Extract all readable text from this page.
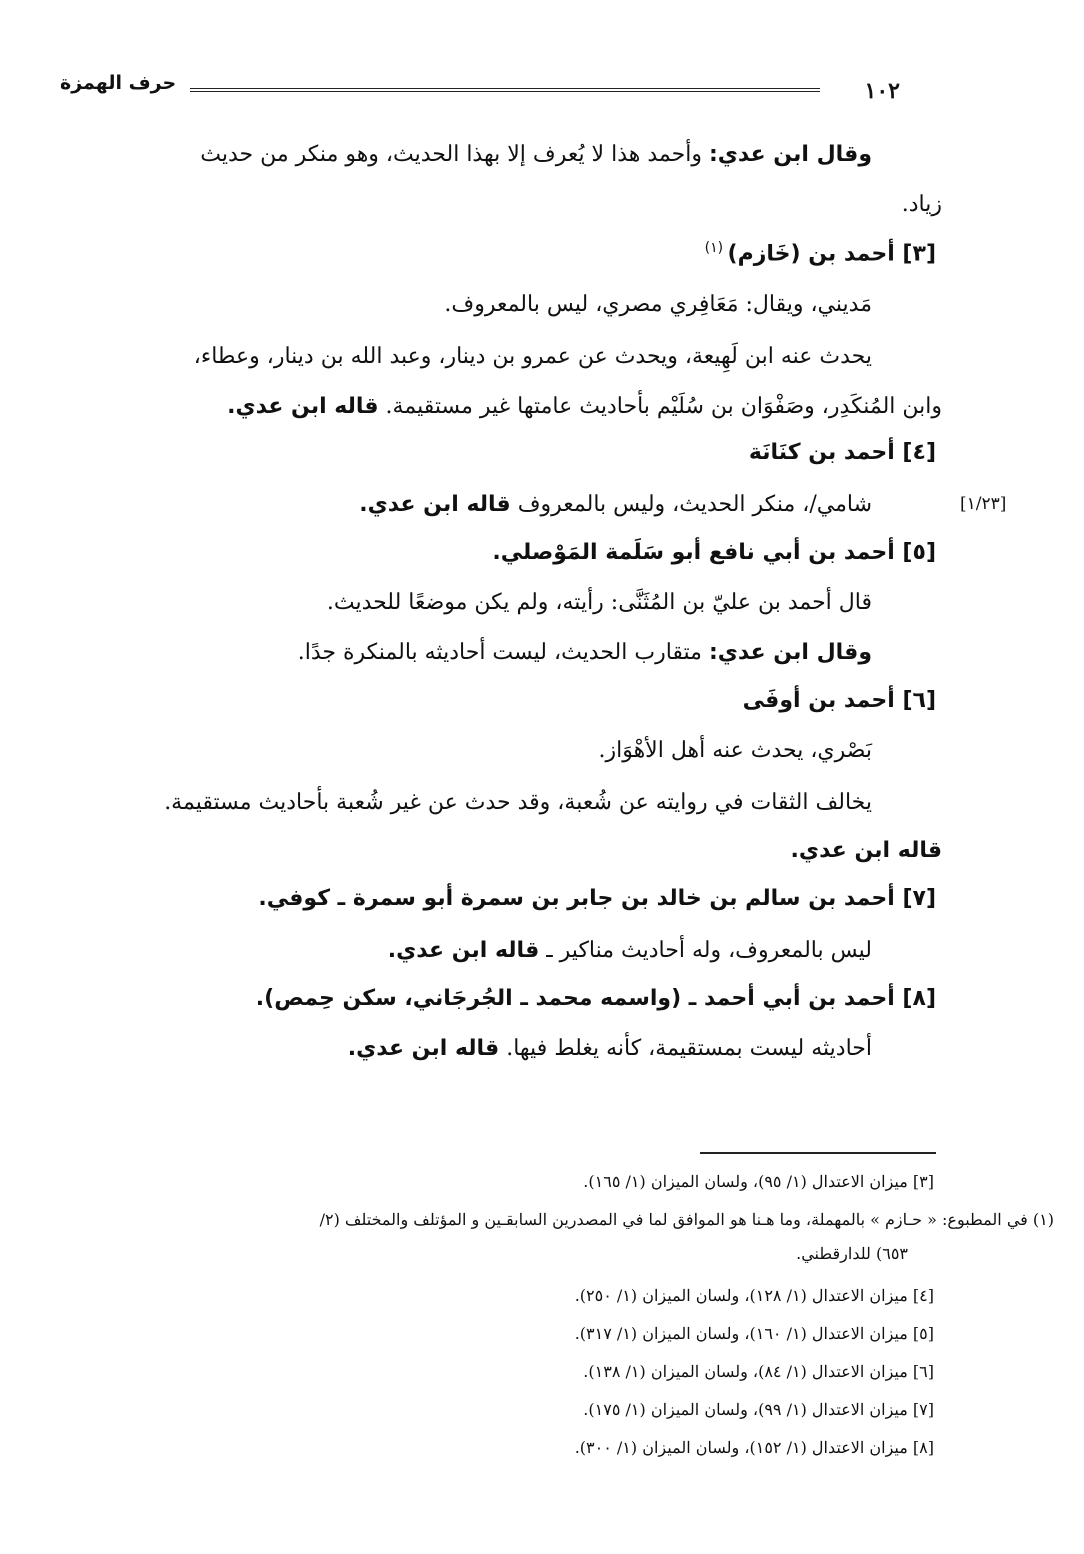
١٠٢
حرف الهمزة
وقال ابن عدي: وأحمد هذا لا يُعرف إلا بهذا الحديث، وهو منكر من حديث
زياد.
[٣] أحمد بن (خَازم) $^{(١)}$
مَديني، ويقال: مَعَافِري مصري، ليس بالمعروف.
يحدث عنه ابن لَهِيعة، ويحدث عن عمرو بن دينار، وعبد الله بن دينار، وعطاء،
وابن المُنكَدِر، وصَفْوَان بن سُلَيْم بأحاديث عامتها غير مستقيمة. قاله ابن عدي.
[٤] أحمد بن كنَانَة
[١/٢٣]
شامي/، منكر الحديث، وليس بالمعروف قاله ابن عدي.
[٥] أحمد بن أبي نافع أبو سَلَمة المَوْصلي.
قال أحمد بن عليّ بن المُثَنَّى: رأيته، ولم يكن موضعًا للحديث.
وقال ابن عدي: متقارب الحديث، ليست أحاديثه بالمنكرة جدًا.
[٦] أحمد بن أوفَى
بَصْري، يحدث عنه أهل الأهْوَاز.
يخالف الثقات في روايته عن شُعبة، وقد حدث عن غير شُعبة بأحاديث مستقيمة.
قاله ابن عدي.
[٧] أحمد بن سالم بن خالد بن جابر بن سمرة أبو سمرة ـ كوفي.
ليس بالمعروف، وله أحاديث مناكير ـ قاله ابن عدي.
[٨] أحمد بن أبي أحمد ـ (واسمه محمد ـ الجُرجَاني، سكن حِمص).
أحاديثه ليست بمستقيمة، كأنه يغلط فيها. قاله ابن عدي.
[٣] ميزان الاعتدال (١/ ٩٥)، ولسان الميزان (١/ ١٦٥).
(١) في المطبوع: « حـازم » بالمهملة، وما هـنا هو الموافق لما في المصدرين السابقـين و المؤتلف والمختلف (٢/
٦٥٣) للدارقطني.
[٤] ميزان الاعتدال (١/ ١٢٨)، ولسان الميزان (١/ ٢٥٠).
[٥] ميزان الاعتدال (١/ ١٦٠)، ولسان الميزان (١/ ٣١٧).
[٦] ميزان الاعتدال (١/ ٨٤)، ولسان الميزان (١/ ١٣٨).
[٧] ميزان الاعتدال (١/ ٩٩)، ولسان الميزان (١/ ١٧٥).
[٨] ميزان الاعتدال (١/ ١٥٢)، ولسان الميزان (١/ ٣٠٠).
